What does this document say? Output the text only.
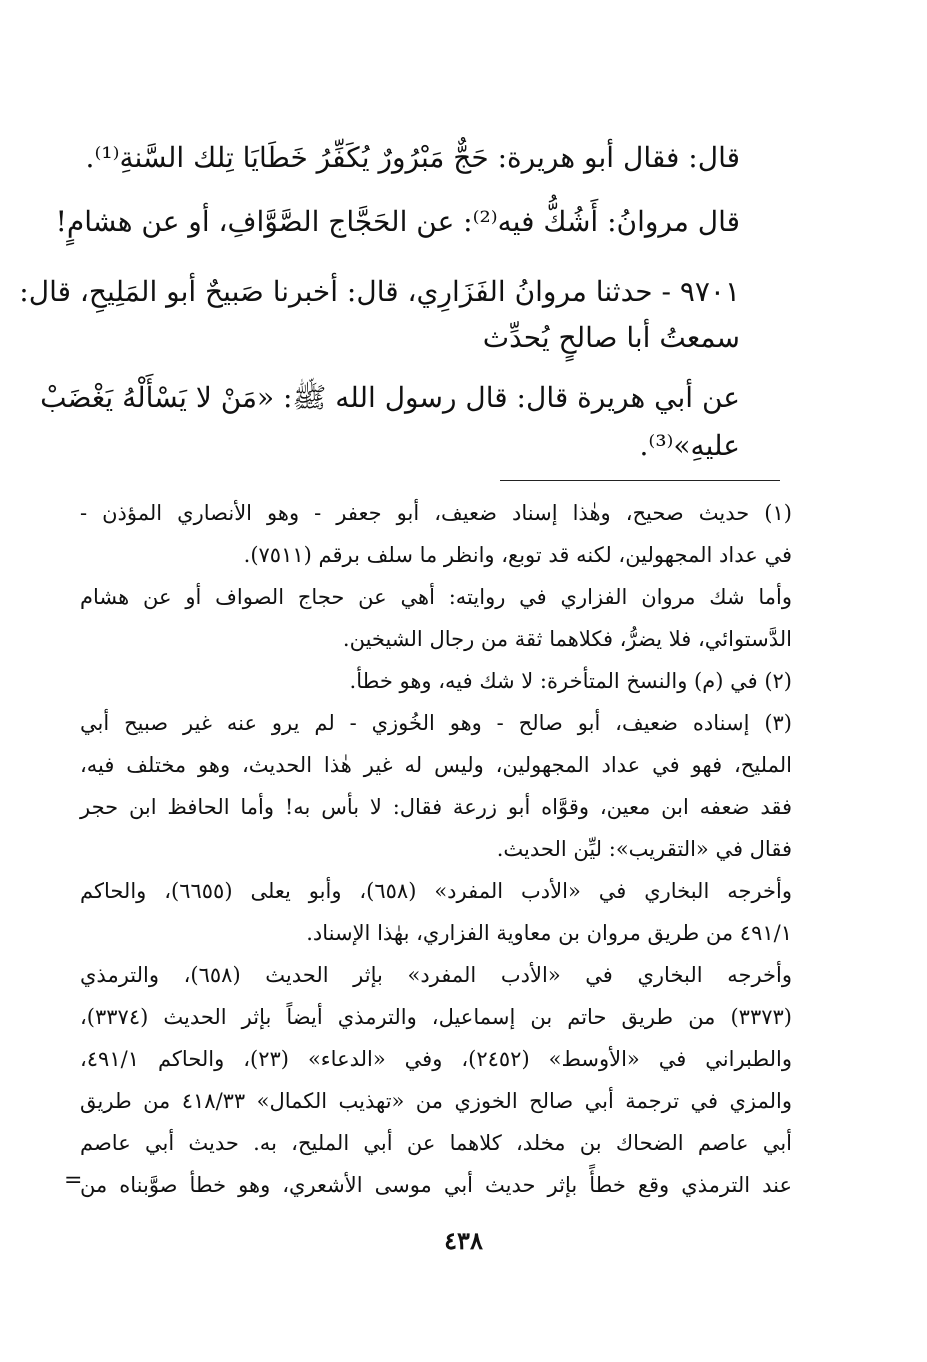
قال: فقال أبو هريرة: حَجٌّ مَبْرُورٌ يُكَفِّرُ خَطَايَا تِلك السَّنةِ⁽¹⁾.
قال مروانُ: أَشُكُّ فيه⁽²⁾: عن الحَجَّاج الصَّوَّافِ، أو عن هشامٍ!
٩٧٠١ - حدثنا مروانُ الفَزَارِي، قال: أخبرنا صَبيحٌ أبو المَلِيحِ، قال:
سمعتُ أبا صالحٍ يُحدِّث
عن أبي هريرة قال: قال رسول الله ﷺ: «مَنْ لا يَسْأَلْهُ يَغْضَبْ
عليهِ»⁽³⁾.
(١) حديث صحيح، وهٰذا إسناد ضعيف، أبو جعفر - وهو الأنصاري المؤذن -
في عداد المجهولين، لكنه قد توبع، وانظر ما سلف برقم (٧٥١١).
وأما شك مروان الفزاري في روايته: أهي عن حجاج الصواف أو عن هشام
الدَّستوائي، فلا يضرُّ، فكلاهما ثقة من رجال الشيخين.
(٢) في (م) والنسخ المتأخرة: لا شك فيه، وهو خطأ.
(٣) إسناده ضعيف، أبو صالح - وهو الخُوزي - لم يرو عنه غير صبيح أبي
المليح، فهو في عداد المجهولين، وليس له غير هٰذا الحديث، وهو مختلف فيه،
فقد ضعفه ابن معين، وقوَّاه أبو زرعة فقال: لا بأس به! وأما الحافظ ابن حجر
فقال في «التقريب»: ليِّن الحديث.
وأخرجه البخاري في «الأدب المفرد» (٦٥٨)، وأبو يعلى (٦٦٥٥)، والحاكم
٤٩١/١ من طريق مروان بن معاوية الفزاري، بهٰذا الإسناد.
وأخرجه البخاري في «الأدب المفرد» بإثر الحديث (٦٥٨)، والترمذي
(٣٣٧٣) من طريق حاتم بن إسماعيل، والترمذي أيضاً بإثر الحديث (٣٣٧٤)،
والطبراني في «الأوسط» (٢٤٥٢)، وفي «الدعاء» (٢٣)، والحاكم ٤٩١/١،
والمزي في ترجمة أبي صالح الخوزي من «تهذيب الكمال» ٤١٨/٣٣ من طريق
أبي عاصم الضحاك بن مخلد، كلاهما عن أبي المليح، به. حديث أبي عاصم
عند الترمذي وقع خطأً بإثر حديث أبي موسى الأشعري، وهو خطأ صوَّبناه من
=
٤٣٨
